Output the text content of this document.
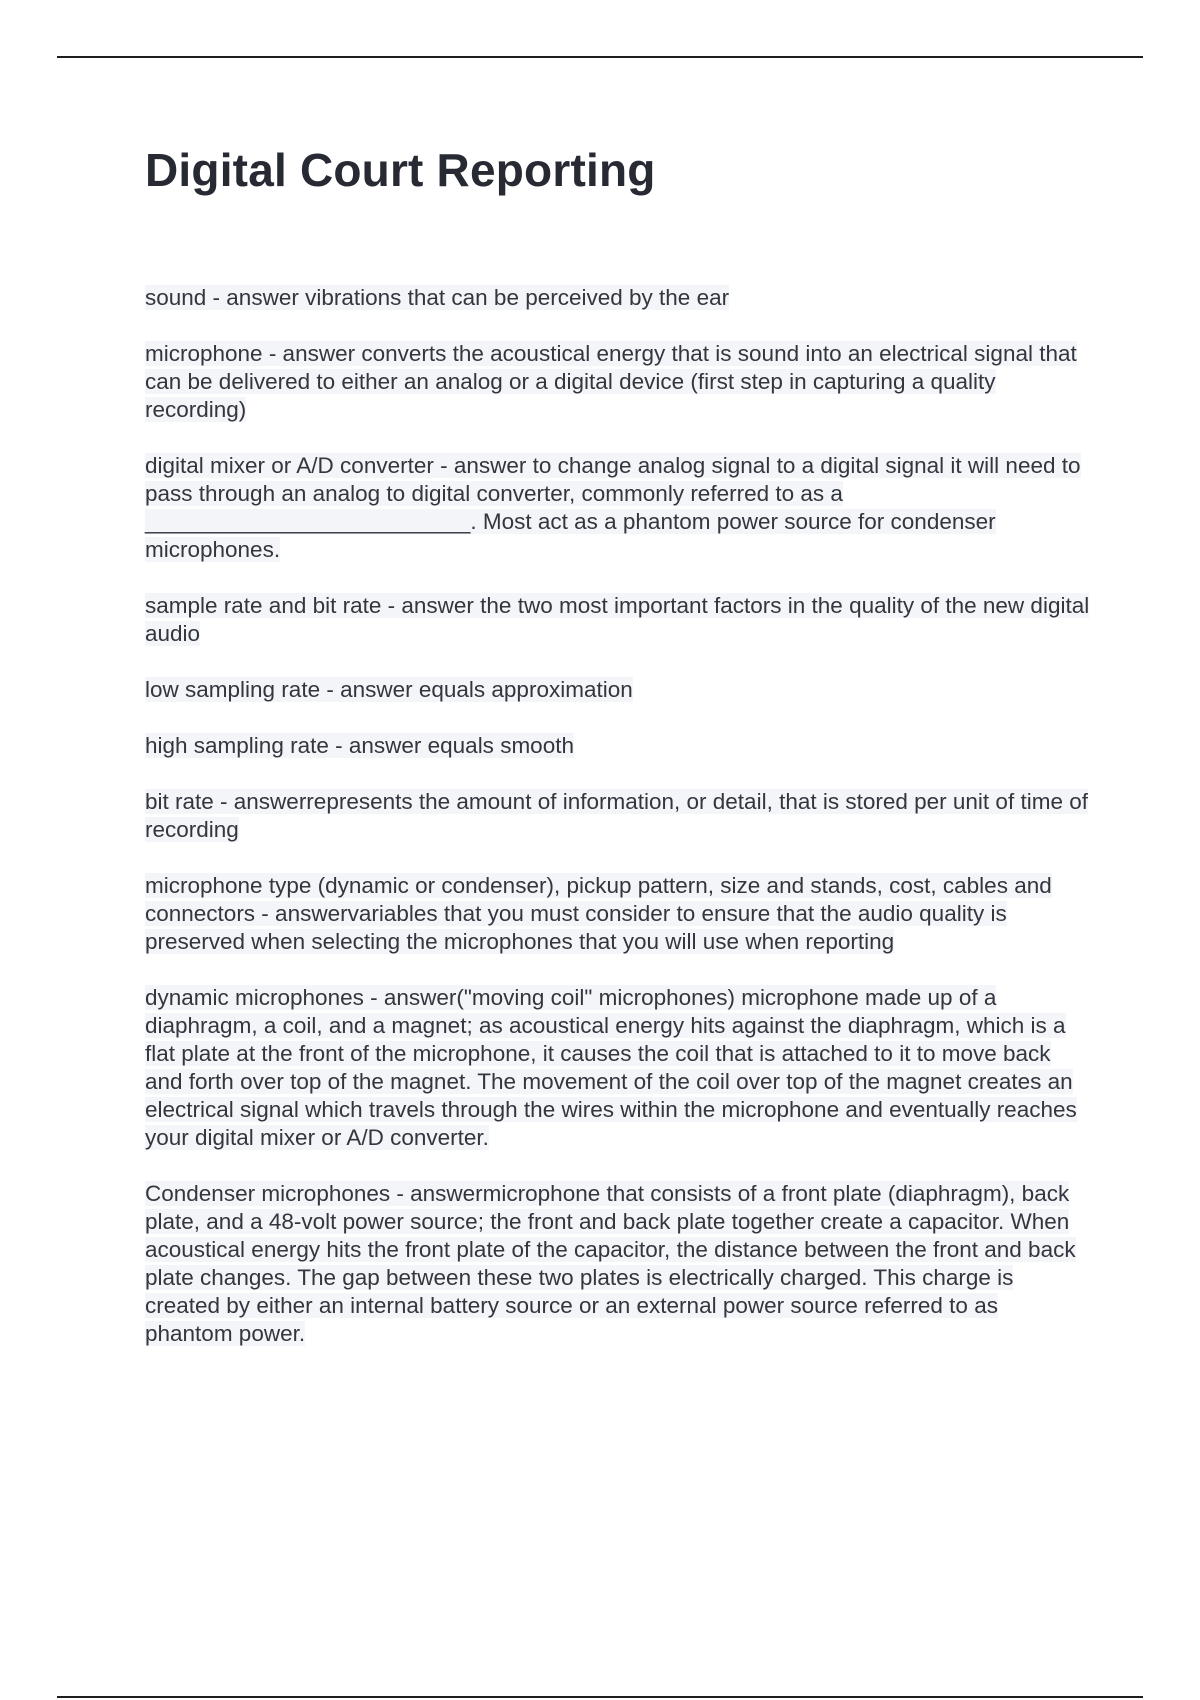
Digital Court Reporting

sound - answer vibrations that can be perceived by the ear

microphone - answer converts the acoustical energy that is sound into an electrical signal that can be delivered to either an analog or a digital device (first step in capturing a quality recording)

digital mixer or A/D converter - answer to change analog signal to a digital signal it will need to pass through an analog to digital converter, commonly referred to as a __________________________. Most act as a phantom power source for condenser microphones.

sample rate and bit rate - answer the two most important factors in the quality of the new digital audio

low sampling rate - answer equals approximation

high sampling rate - answer equals smooth

bit rate - answerrepresents the amount of information, or detail, that is stored per unit of time of recording

microphone type (dynamic or condenser), pickup pattern, size and stands, cost, cables and connectors - answervariables that you must consider to ensure that the audio quality is preserved when selecting the microphones that you will use when reporting

dynamic microphones - answer("moving coil" microphones) microphone made up of a diaphragm, a coil, and a magnet; as acoustical energy hits against the diaphragm, which is a flat plate at the front of the microphone, it causes the coil that is attached to it to move back and forth over top of the magnet. The movement of the coil over top of the magnet creates an electrical signal which travels through the wires within the microphone and eventually reaches your digital mixer or A/D converter.

Condenser microphones - answermicrophone that consists of a front plate (diaphragm), back plate, and a 48-volt power source; the front and back plate together create a capacitor. When acoustical energy hits the front plate of the capacitor, the distance between the front and back plate changes. The gap between these two plates is electrically charged. This charge is created by either an internal battery source or an external power source referred to as phantom power.
